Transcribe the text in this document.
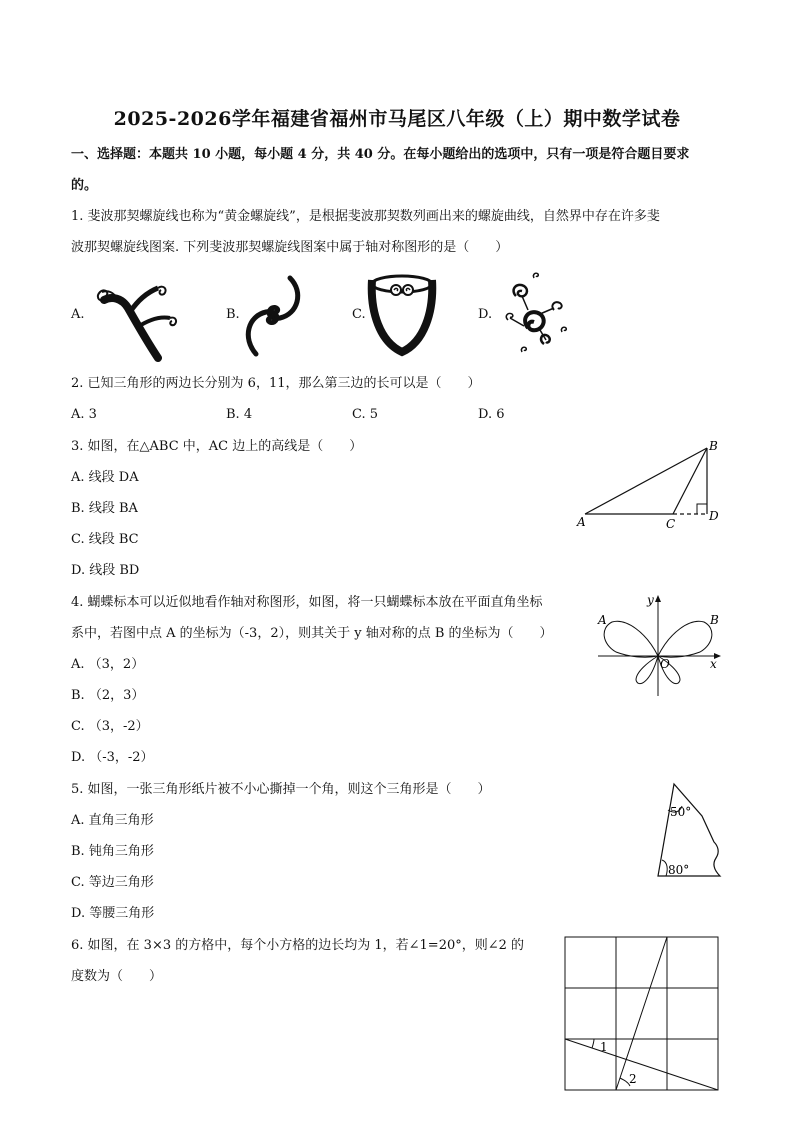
2025-2026学年福建省福州市马尾区八年级（上）期中数学试卷
一、选择题：本题共 10 小题，每小题 4 分，共 40 分。在每小题给出的选项中，只有一项是符合题目要求
的。
1. 斐波那契螺旋线也称为“黄金螺旋线”，是根据斐波那契数列画出来的螺旋曲线，自然界中存在许多斐
波那契螺旋线图案. 下列斐波那契螺旋线图案中属于轴对称图形的是（　　）
A.	B.	C.	D.
2. 已知三角形的两边长分别为 6，11，那么第三边的长可以是（　　）
A. 3	B. 4	C. 5	D. 6
3. 如图，在△ABC 中，AC 边上的高线是（　　）
A. 线段 DA
B. 线段 BA
C. 线段 BC
D. 线段 BD
A
B
C
D
4. 蝴蝶标本可以近似地看作轴对称图形，如图，将一只蝴蝶标本放在平面直角坐标
系中，若图中点 A 的坐标为（-3，2），则其关于 y 轴对称的点 B 的坐标为（　　）
A. （3，2）
B. （2，3）
C. （3，-2）
D. （-3，-2）
y
x
A	B
O
5. 如图，一张三角形纸片被不小心撕掉一个角，则这个三角形是（　　）
A. 直角三角形
B. 钝角三角形
C. 等边三角形
D. 等腰三角形
50°
80°
6. 如图，在 3×3 的方格中，每个小方格的边长均为 1，若∠1=20°，则∠2 的
度数为（　　）
1
2
